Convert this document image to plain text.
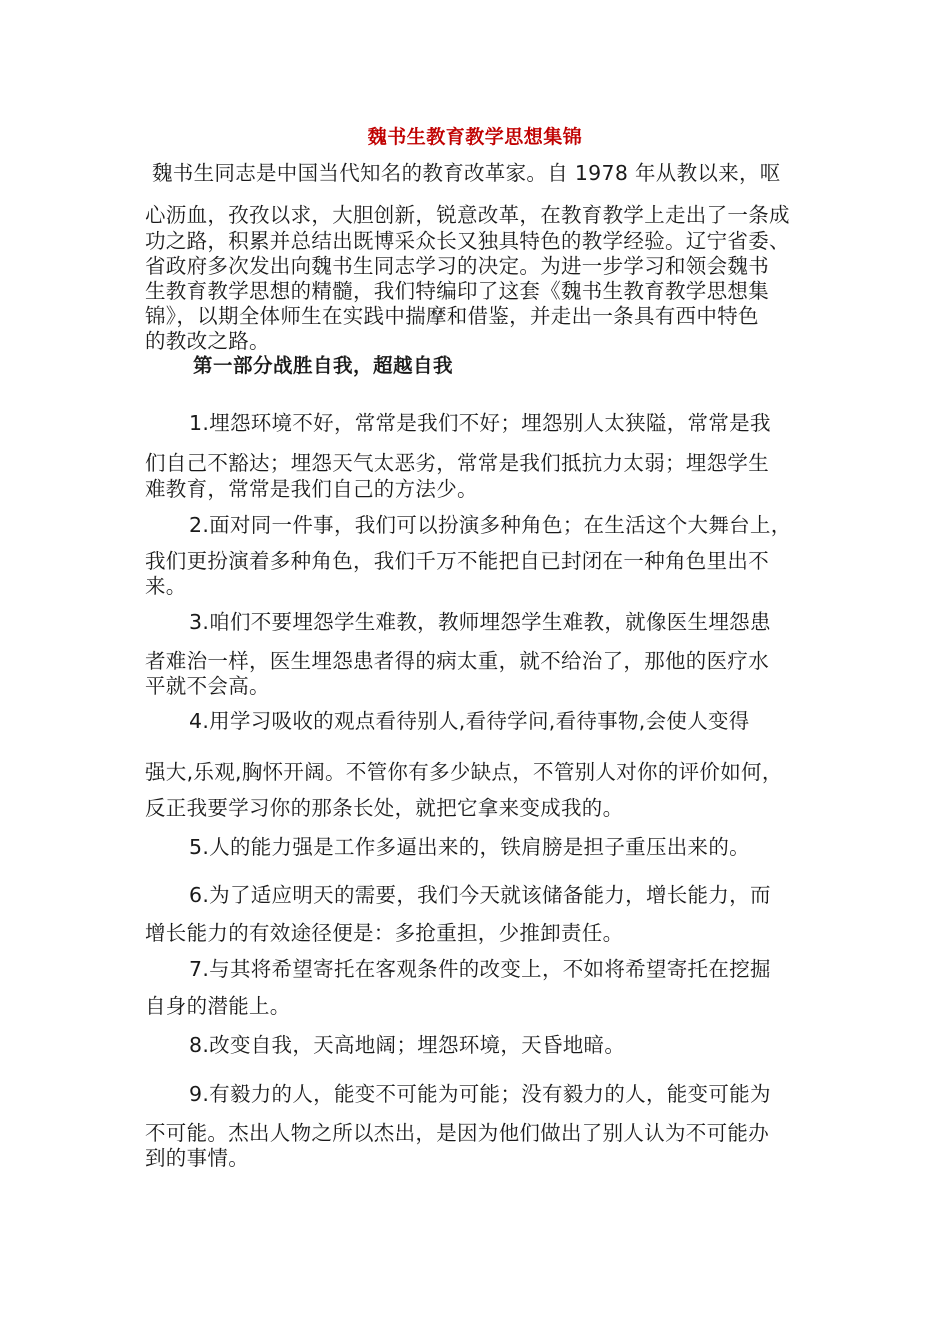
魏书生教育教学思想集锦
魏书生同志是中国当代知名的教育改革家。自 1978 年从教以来，呕
心沥血，孜孜以求，大胆创新，锐意改革，在教育教学上走出了一条成
功之路，积累并总结出既博采众长又独具特色的教学经验。辽宁省委、
省政府多次发出向魏书生同志学习的决定。为进一步学习和领会魏书
生教育教学思想的精髓，我们特编印了这套《魏书生教育教学思想集
锦》，以期全体师生在实践中揣摩和借鉴，并走出一条具有西中特色
的教改之路。
第一部分战胜自我，超越自我
1.埋怨环境不好，常常是我们不好；埋怨别人太狭隘，常常是我
们自己不豁达；埋怨天气太恶劣，常常是我们抵抗力太弱；埋怨学生
难教育，常常是我们自己的方法少。
2.面对同一件事，我们可以扮演多种角色；在生活这个大舞台上，
我们更扮演着多种角色，我们千万不能把自已封闭在一种角色里出不
来。
3.咱们不要埋怨学生难教，教师埋怨学生难教，就像医生埋怨患
者难治一样，医生埋怨患者得的病太重，就不给治了，那他的医疗水
平就不会高。
4.用学习吸收的观点看待别人,看待学问,看待事物,会使人变得
强大,乐观,胸怀开阔。不管你有多少缺点，不管别人对你的评价如何，
反正我要学习你的那条长处，就把它拿来变成我的。
5.人的能力强是工作多逼出来的，铁肩膀是担子重压出来的。
6.为了适应明天的需要，我们今天就该储备能力，增长能力，而
增长能力的有效途径便是：多抢重担，少推卸责任。
7.与其将希望寄托在客观条件的改变上，不如将希望寄托在挖掘
自身的潜能上。
8.改变自我，天高地阔；埋怨环境，天昏地暗。
9.有毅力的人，能变不可能为可能；没有毅力的人，能变可能为
不可能。杰出人物之所以杰出，是因为他们做出了别人认为不可能办
到的事情。
